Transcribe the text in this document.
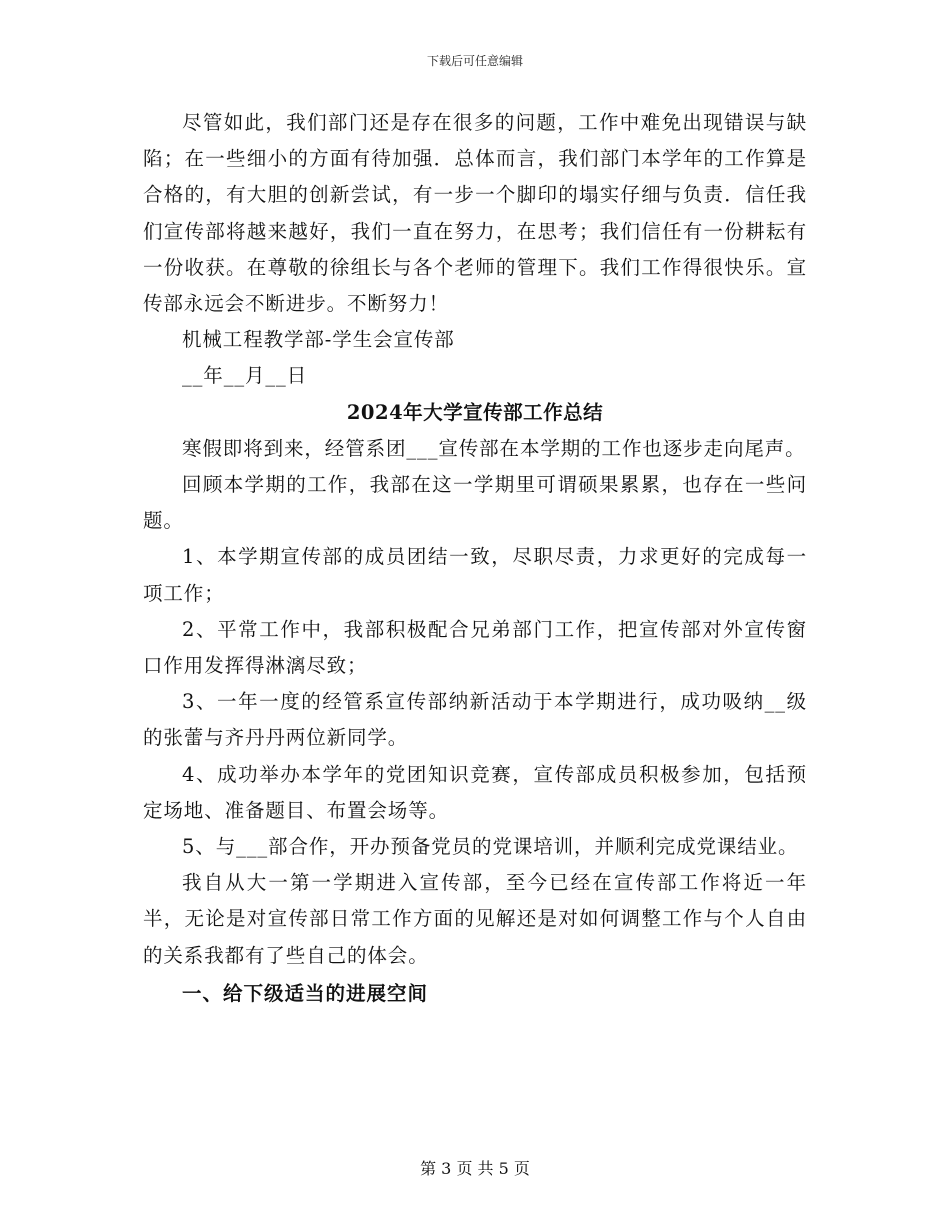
下载后可任意编辑

尽管如此，我们部门还是存在很多的问题，工作中难免出现错误与缺陷；在一些细小的方面有待加强．总体而言，我们部门本学年的工作算是合格的，有大胆的创新尝试，有一步一个脚印的塌实仔细与负责．信任我们宣传部将越来越好，我们一直在努力，在思考；我们信任有一份耕耘有一份收获。在尊敬的徐组长与各个老师的管理下。我们工作得很快乐。宣传部永远会不断进步。不断努力！

机械工程教学部-学生会宣传部

__年__月__日

2024年大学宣传部工作总结

寒假即将到来，经管系团___宣传部在本学期的工作也逐步走向尾声。

回顾本学期的工作，我部在这一学期里可谓硕果累累，也存在一些问题。

1、本学期宣传部的成员团结一致，尽职尽责，力求更好的完成每一项工作；

2、平常工作中，我部积极配合兄弟部门工作，把宣传部对外宣传窗口作用发挥得淋漓尽致；

3、一年一度的经管系宣传部纳新活动于本学期进行，成功吸纳__级的张蕾与齐丹丹两位新同学。

4、成功举办本学年的党团知识竞赛，宣传部成员积极参加，包括预定场地、准备题目、布置会场等。

5、与___部合作，开办预备党员的党课培训，并顺利完成党课结业。

我自从大一第一学期进入宣传部，至今已经在宣传部工作将近一年半，无论是对宣传部日常工作方面的见解还是对如何调整工作与个人自由的关系我都有了些自己的体会。

一、给下级适当的进展空间

第 3 页 共 5 页
